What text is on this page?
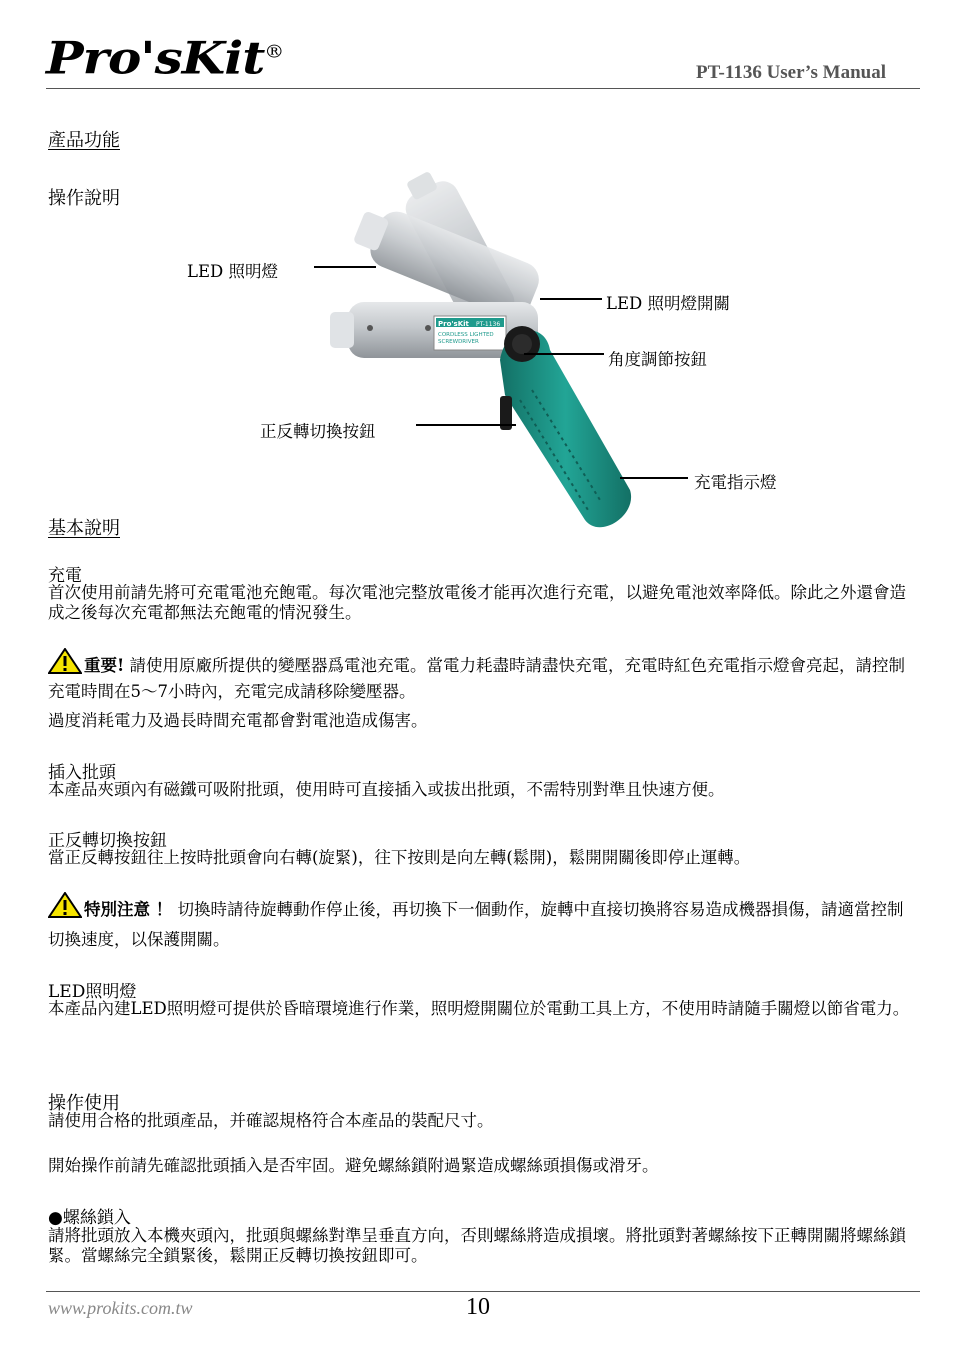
Pro'sKit®
PT-1136 User’s Manual
產品功能
操作說明
Pro'sKit PT-1136
CORDLESS LIGHTED
SCREWDRIVER
LED 照明燈
LED 照明燈開關
角度調節按鈕
正反轉切換按鈕
充電指示燈
基本說明
充電
首次使用前請先將可充電電池充飽電。每次電池完整放電後才能再次進行充電，以避免電池效率降低。除此之外還會造成之後每次充電都無法充飽電的情況發生。
重要! 請使用原廠所提供的變壓器爲電池充電。當電力耗盡時請盡快充電，充電時紅色充電指示燈會亮起，請控制充電時間在5～7小時內，充電完成請移除變壓器。
過度消耗電力及過長時間充電都會對電池造成傷害。
插入批頭
本產品夾頭內有磁鐵可吸附批頭，使用時可直接插入或拔出批頭，不需特別對準且快速方便。
正反轉切換按鈕
當正反轉按鈕往上按時批頭會向右轉(旋緊)，往下按則是向左轉(鬆開)，鬆開開關後即停止運轉。
特別注意 ！ 切換時請待旋轉動作停止後，再切換下一個動作，旋轉中直接切換將容易造成機器損傷，請適當控制切換速度，以保護開關。
LED照明燈
本產品內建LED照明燈可提供於昏暗環境進行作業，照明燈開關位於電動工具上方，不使用時請隨手關燈以節省電力。
操作使用
請使用合格的批頭產品，并確認規格符合本產品的裝配尺寸。
開始操作前請先確認批頭插入是否牢固。避免螺絲鎖附過緊造成螺絲頭損傷或滑牙。
●螺絲鎖入
請將批頭放入本機夾頭內，批頭與螺絲對準呈垂直方向，否則螺絲將造成損壞。將批頭對著螺絲按下正轉開關將螺絲鎖緊。當螺絲完全鎖緊後，鬆開正反轉切換按鈕即可。
www.prokits.com.tw	10
